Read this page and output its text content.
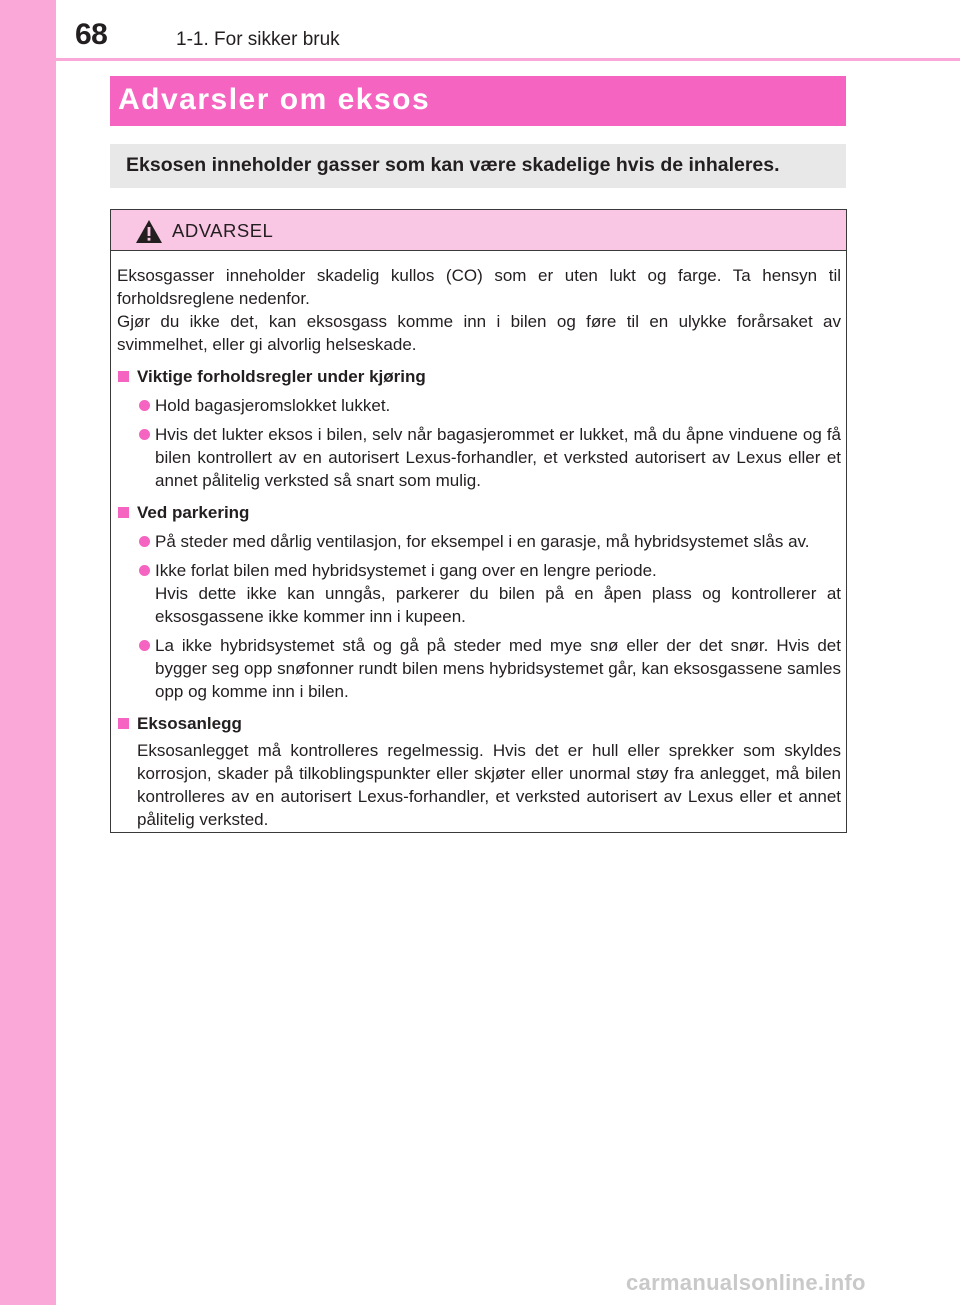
68	1-1. For sikker bruk
Advarsler om eksos
Eksosen inneholder gasser som kan være skadelige hvis de inhaleres.
ADVARSEL

Eksosgasser inneholder skadelig kullos (CO) som er uten lukt og farge. Ta hensyn til forholdsreglene nedenfor.

Gjør du ikke det, kan eksosgass komme inn i bilen og føre til en ulykke forårsaket av svimmelhet, eller gi alvorlig helseskade.

Viktige forholdsregler under kjøring
Hold bagasjeromslokket lukket.
Hvis det lukter eksos i bilen, selv når bagasjerommet er lukket, må du åpne vinduene og få bilen kontrollert av en autorisert Lexus-forhandler, et verksted autorisert av Lexus eller et annet pålitelig verksted så snart som mulig.
Ved parkering
På steder med dårlig ventilasjon, for eksempel i en garasje, må hybridsystemet slås av.
Ikke forlat bilen med hybridsystemet i gang over en lengre periode.
Hvis dette ikke kan unngås, parkerer du bilen på en åpen plass og kontrollerer at eksosgassene ikke kommer inn i kupeen.
La ikke hybridsystemet stå og gå på steder med mye snø eller der det snør. Hvis det bygger seg opp snøfonner rundt bilen mens hybridsystemet går, kan eksosgassene samles opp og komme inn i bilen.
Eksosanlegg

Eksosanlegget må kontrolleres regelmessig. Hvis det er hull eller sprekker som skyldes korrosjon, skader på tilkoblingspunkter eller skjøter eller unormal støy fra anlegget, må bilen kontrolleres av en autorisert Lexus-forhandler, et verksted autorisert av Lexus eller et annet pålitelig verksted.

carmanualsonline.info
